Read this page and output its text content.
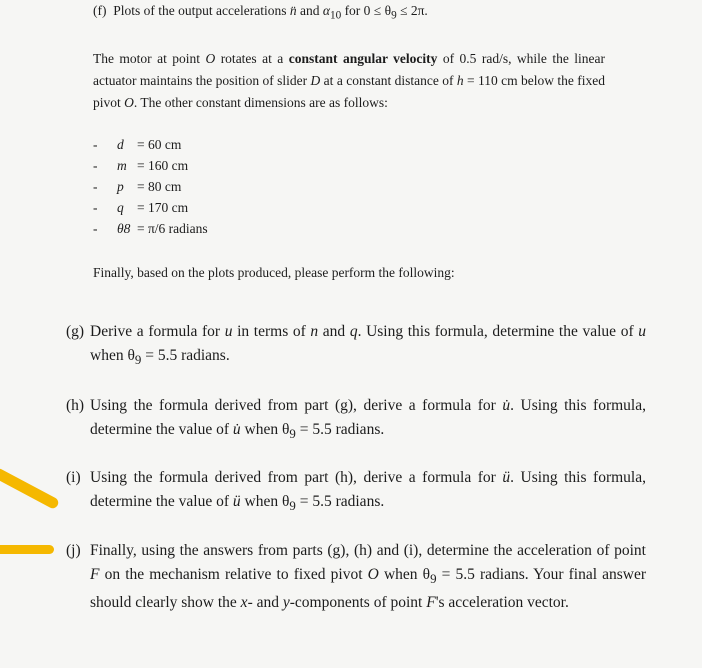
(f) Plots of the output accelerations n̈ and $\alpha_{10}$ for $0 \le \theta_9 \le 2\pi$.
The motor at point O rotates at a constant angular velocity of 0.5 rad/s, while the linear actuator maintains the position of slider D at a constant distance of h = 110 cm below the fixed pivot O. The other constant dimensions are as follows:
- d = 60 cm
- m = 160 cm
- p = 80 cm
- q = 170 cm
- θ8 = π/6 radians
Finally, based on the plots produced, please perform the following:
(g) Derive a formula for u in terms of n and q. Using this formula, determine the value of u when $\theta_9 = 5.5$ radians.
(h) Using the formula derived from part (g), derive a formula for u̇. Using this formula, determine the value of u̇ when $\theta_9 = 5.5$ radians.
(i) Using the formula derived from part (h), derive a formula for ü. Using this formula, determine the value of ü when $\theta_9 = 5.5$ radians.
(j) Finally, using the answers from parts (g), (h) and (i), determine the acceleration of point F on the mechanism relative to fixed pivot O when $\theta_9 = 5.5$ radians. Your final answer should clearly show the x- and y-components of point F's acceleration vector.
